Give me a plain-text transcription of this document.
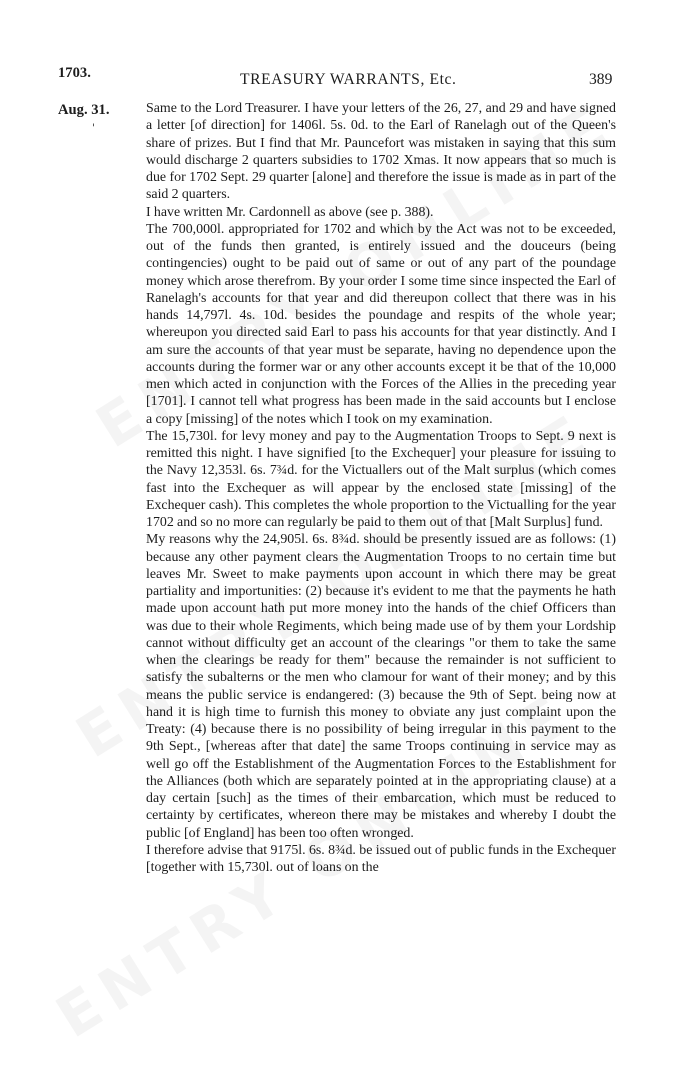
1703.	TREASURY WARRANTS, Etc.	389
Aug. 31.
'

Same to the Lord Treasurer. I have your letters of the 26, 27, and 29 and have signed a letter [of direction] for 1406l. 5s. 0d. to the Earl of Ranelagh out of the Queen's share of prizes. But I find that Mr. Pauncefort was mistaken in saying that this sum would discharge 2 quarters subsidies to 1702 Xmas. It now appears that so much is due for 1702 Sept. 29 quarter [alone] and therefore the issue is made as in part of the said 2 quarters.

I have written Mr. Cardonnell as above (see p. 388).

The 700,000l. appropriated for 1702 and which by the Act was not to be exceeded, out of the funds then granted, is entirely issued and the douceurs (being contingencies) ought to be paid out of same or out of any part of the poundage money which arose therefrom. By your order I some time since inspected the Earl of Ranelagh's accounts for that year and did thereupon collect that there was in his hands 14,797l. 4s. 10d. besides the poundage and respits of the whole year; whereupon you directed said Earl to pass his accounts for that year distinctly. And I am sure the accounts of that year must be separate, having no dependence upon the accounts during the former war or any other accounts except it be that of the 10,000 men which acted in conjunction with the Forces of the Allies in the preceding year [1701]. I cannot tell what progress has been made in the said accounts but I enclose a copy [missing] of the notes which I took on my examination.

The 15,730l. for levy money and pay to the Augmentation Troops to Sept. 9 next is remitted this night. I have signified [to the Exchequer] your pleasure for issuing to the Navy 12,353l. 6s. 7¾d. for the Victuallers out of the Malt surplus (which comes fast into the Exchequer as will appear by the enclosed state [missing] of the Exchequer cash). This completes the whole proportion to the Victualling for the year 1702 and so no more can regularly be paid to them out of that [Malt Surplus] fund.

My reasons why the 24,905l. 6s. 8¾d. should be presently issued are as follows: (1) because any other payment clears the Augmentation Troops to no certain time but leaves Mr. Sweet to make payments upon account in which there may be great partiality and importunities: (2) because it's evident to me that the payments he hath made upon account hath put more money into the hands of the chief Officers than was due to their whole Regiments, which being made use of by them your Lordship cannot without difficulty get an account of the clearings "or them to take the same when the clearings be ready for them" because the remainder is not sufficient to satisfy the subalterns or the men who clamour for want of their money; and by this means the public service is endangered: (3) because the 9th of Sept. being now at hand it is high time to furnish this money to obviate any just complaint upon the Treaty: (4) because there is no possibility of being irregular in this payment to the 9th Sept., [whereas after that date] the same Troops continuing in service may as well go off the Establishment of the Augmentation Forces to the Establishment for the Alliances (both which are separately pointed at in the appropriating clause) at a day certain [such] as the times of their embarcation, which must be reduced to certainty by certificates, whereon there may be mistakes and whereby I doubt the public [of England] has been too often wronged.

I therefore advise that 9175l. 6s. 8¾d. be issued out of public funds in the Exchequer [together with 15,730l. out of loans on the
